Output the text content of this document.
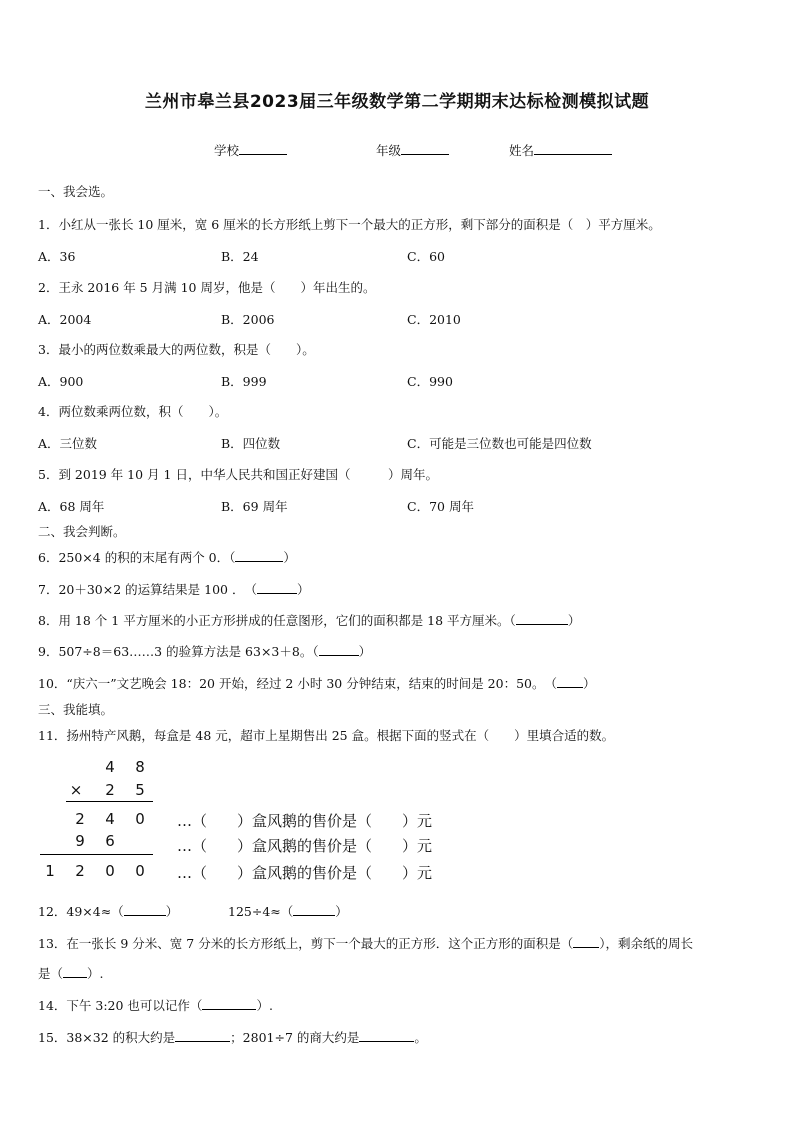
兰州市皋兰县2023届三年级数学第二学期期末达标检测模拟试题
学校	年级	姓名
一、我会选。
1．小红从一张长 10 厘米，宽 6 厘米的长方形纸上剪下一个最大的正方形，剩下部分的面积是（　）平方厘米。
A．36	B．24	C．60
2．王永 2016 年 5 月满 10 周岁，他是（　　）年出生的。
A．2004	B．2006	C．2010
3．最小的两位数乘最大的两位数，积是（　　）。
A．900	B．999	C．990
4．两位数乘两位数，积（　　）。
A．三位数	B．四位数	C．可能是三位数也可能是四位数
5．到 2019 年 10 月 1 日，中华人民共和国正好建国（　　　）周年。
A．68 周年	B．69 周年	C．70 周年
二、我会判断。
6．250×4 的积的末尾有两个 0．（	）
7．20＋30×2 的运算结果是 100 ．　（	）
8．用 18 个 1 平方厘米的小正方形拼成的任意图形，它们的面积都是 18 平方厘米。（	）
9．507÷8＝63……3 的验算方法是 63×3＋8。（	）
10．“庆六一”文艺晚会 18：20 开始，经过 2 小时 30 分钟结束，结束的时间是 20：50。　（ ）
三、我能填。
11．扬州特产风鹅，每盒是 48 元，超市上星期售出 25 盒。根据下面的竖式在（　　）里填合适的数。
4	8
×	2	5
2	4	0
9	6
1	2	0	0
…（　　）盒风鹅的售价是（　　）元
…（　　）盒风鹅的售价是（　　）元
…（　　）盒风鹅的售价是（　　）元
12．49×4≈（	）	125÷4≈（	）
13．在一张长 9 分米、宽 7 分米的长方形纸上，剪下一个最大的正方形．这个正方形的面积是（ ），剩余纸的周长
是（ ）.
14．下午 3:20 也可以记作（	）.
15．38×32 的积大约是	；2801÷7 的商大约是	。
